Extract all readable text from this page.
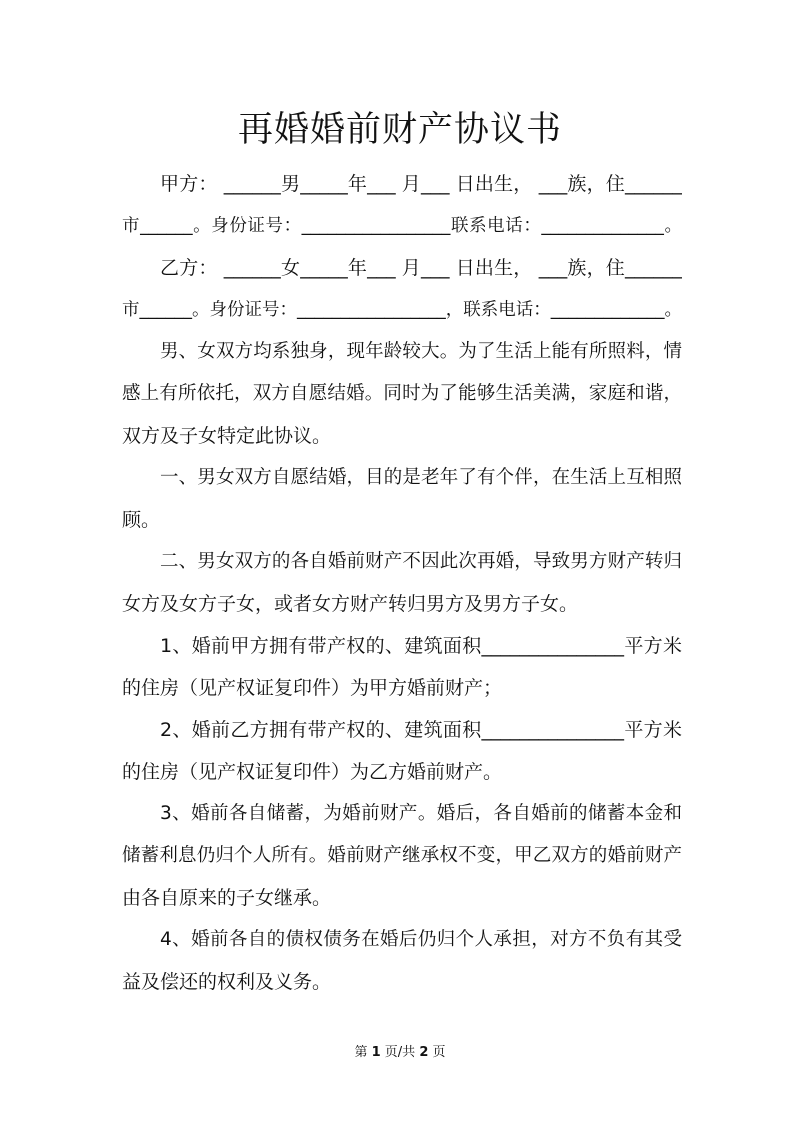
再婚婚前财产协议书
甲方： ______男_____年___ 月___ 日出生， ___族，住______
市______。身份证号：_________________联系电话：______________。
乙方： ______女_____年___ 月___ 日出生， ___族，住______
市______。身份证号：_________________，联系电话：_____________。
男、女双方均系独身，现年龄较大。为了生活上能有所照料，情
感上有所依托，双方自愿结婚。同时为了能够生活美满，家庭和谐，
双方及子女特定此协议。
一、男女双方自愿结婚，目的是老年了有个伴，在生活上互相照
顾。
二、男女双方的各自婚前财产不因此次再婚，导致男方财产转归
女方及女方子女，或者女方财产转归男方及男方子女。
1、婚前甲方拥有带产权的、建筑面积_______________平方米
的住房（见产权证复印件）为甲方婚前财产；
2、婚前乙方拥有带产权的、建筑面积_______________平方米
的住房（见产权证复印件）为乙方婚前财产。
3、婚前各自储蓄，为婚前财产。婚后，各自婚前的储蓄本金和
储蓄利息仍归个人所有。婚前财产继承权不变，甲乙双方的婚前财产
由各自原来的子女继承。
4、婚前各自的债权债务在婚后仍归个人承担，对方不负有其受
益及偿还的权利及义务。
第 1 页/共 2 页
